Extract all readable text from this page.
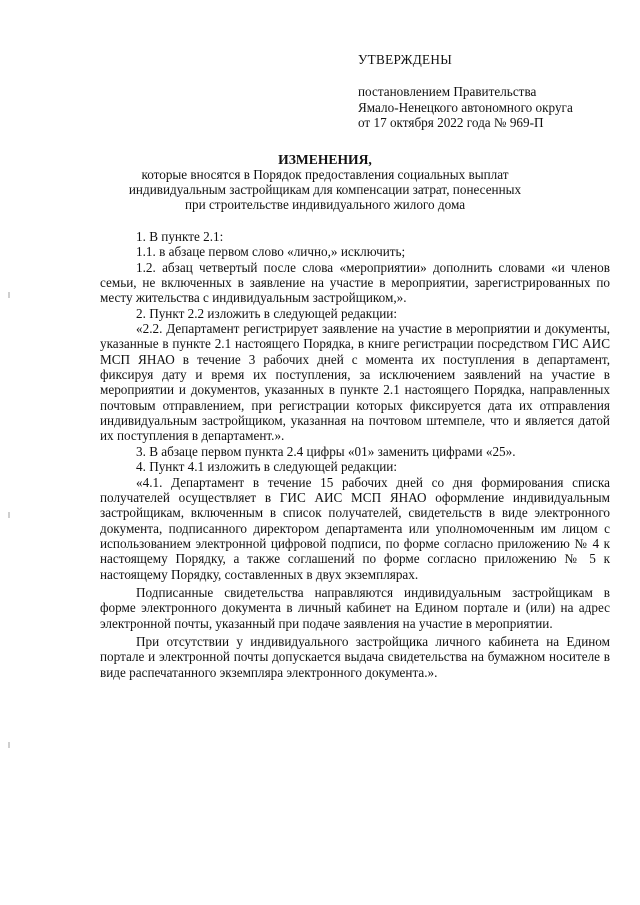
УТВЕРЖДЕНЫ
постановлением Правительства
Ямало-Ненецкого автономного округа
от 17 октября 2022 года № 969-П
ИЗМЕНЕНИЯ,
которые вносятся в Порядок предоставления социальных выплат
индивидуальным застройщикам для компенсации затрат, понесенных
при строительстве индивидуального жилого дома

1. В пункте 2.1:

1.1. в абзаце первом слово «лично,» исключить;

1.2. абзац четвертый после слова «мероприятии» дополнить словами «и членов семьи, не включенных в заявление на участие в мероприятии, зарегистрированных по месту жительства с индивидуальным застройщиком,».

2. Пункт 2.2 изложить в следующей редакции:

«2.2. Департамент регистрирует заявление на участие в мероприятии и документы, указанные в пункте 2.1 настоящего Порядка, в книге регистрации посредством ГИС АИС МСП ЯНАО в течение 3 рабочих дней с момента их поступления в департамент, фиксируя дату и время их поступления, за исключением заявлений на участие в мероприятии и документов, указанных в пункте 2.1 настоящего Порядка, направленных почтовым отправлением, при регистрации которых фиксируется дата их отправления индивидуальным застройщиком, указанная на почтовом штемпеле, что и является датой их поступления в департамент.».

3. В абзаце первом пункта 2.4 цифры «01» заменить цифрами «25».

4. Пункт 4.1 изложить в следующей редакции:

«4.1. Департамент в течение 15 рабочих дней со дня формирования списка получателей осуществляет в ГИС АИС МСП ЯНАО оформление индивидуальным застройщикам, включенным в список получателей, свидетельств в виде электронного документа, подписанного директором департамента или уполномоченным им лицом с использованием электронной цифровой подписи, по форме согласно приложению № 4 к настоящему Порядку, а также соглашений по форме согласно приложению № 5 к настоящему Порядку, составленных в двух экземплярах.

Подписанные свидетельства направляются индивидуальным застройщикам в форме электронного документа в личный кабинет на Едином портале и (или) на адрес электронной почты, указанный при подаче заявления на участие в мероприятии.

При отсутствии у индивидуального застройщика личного кабинета на Едином портале и электронной почты допускается выдача свидетельства на бумажном носителе в виде распечатанного экземпляра электронного документа.».
